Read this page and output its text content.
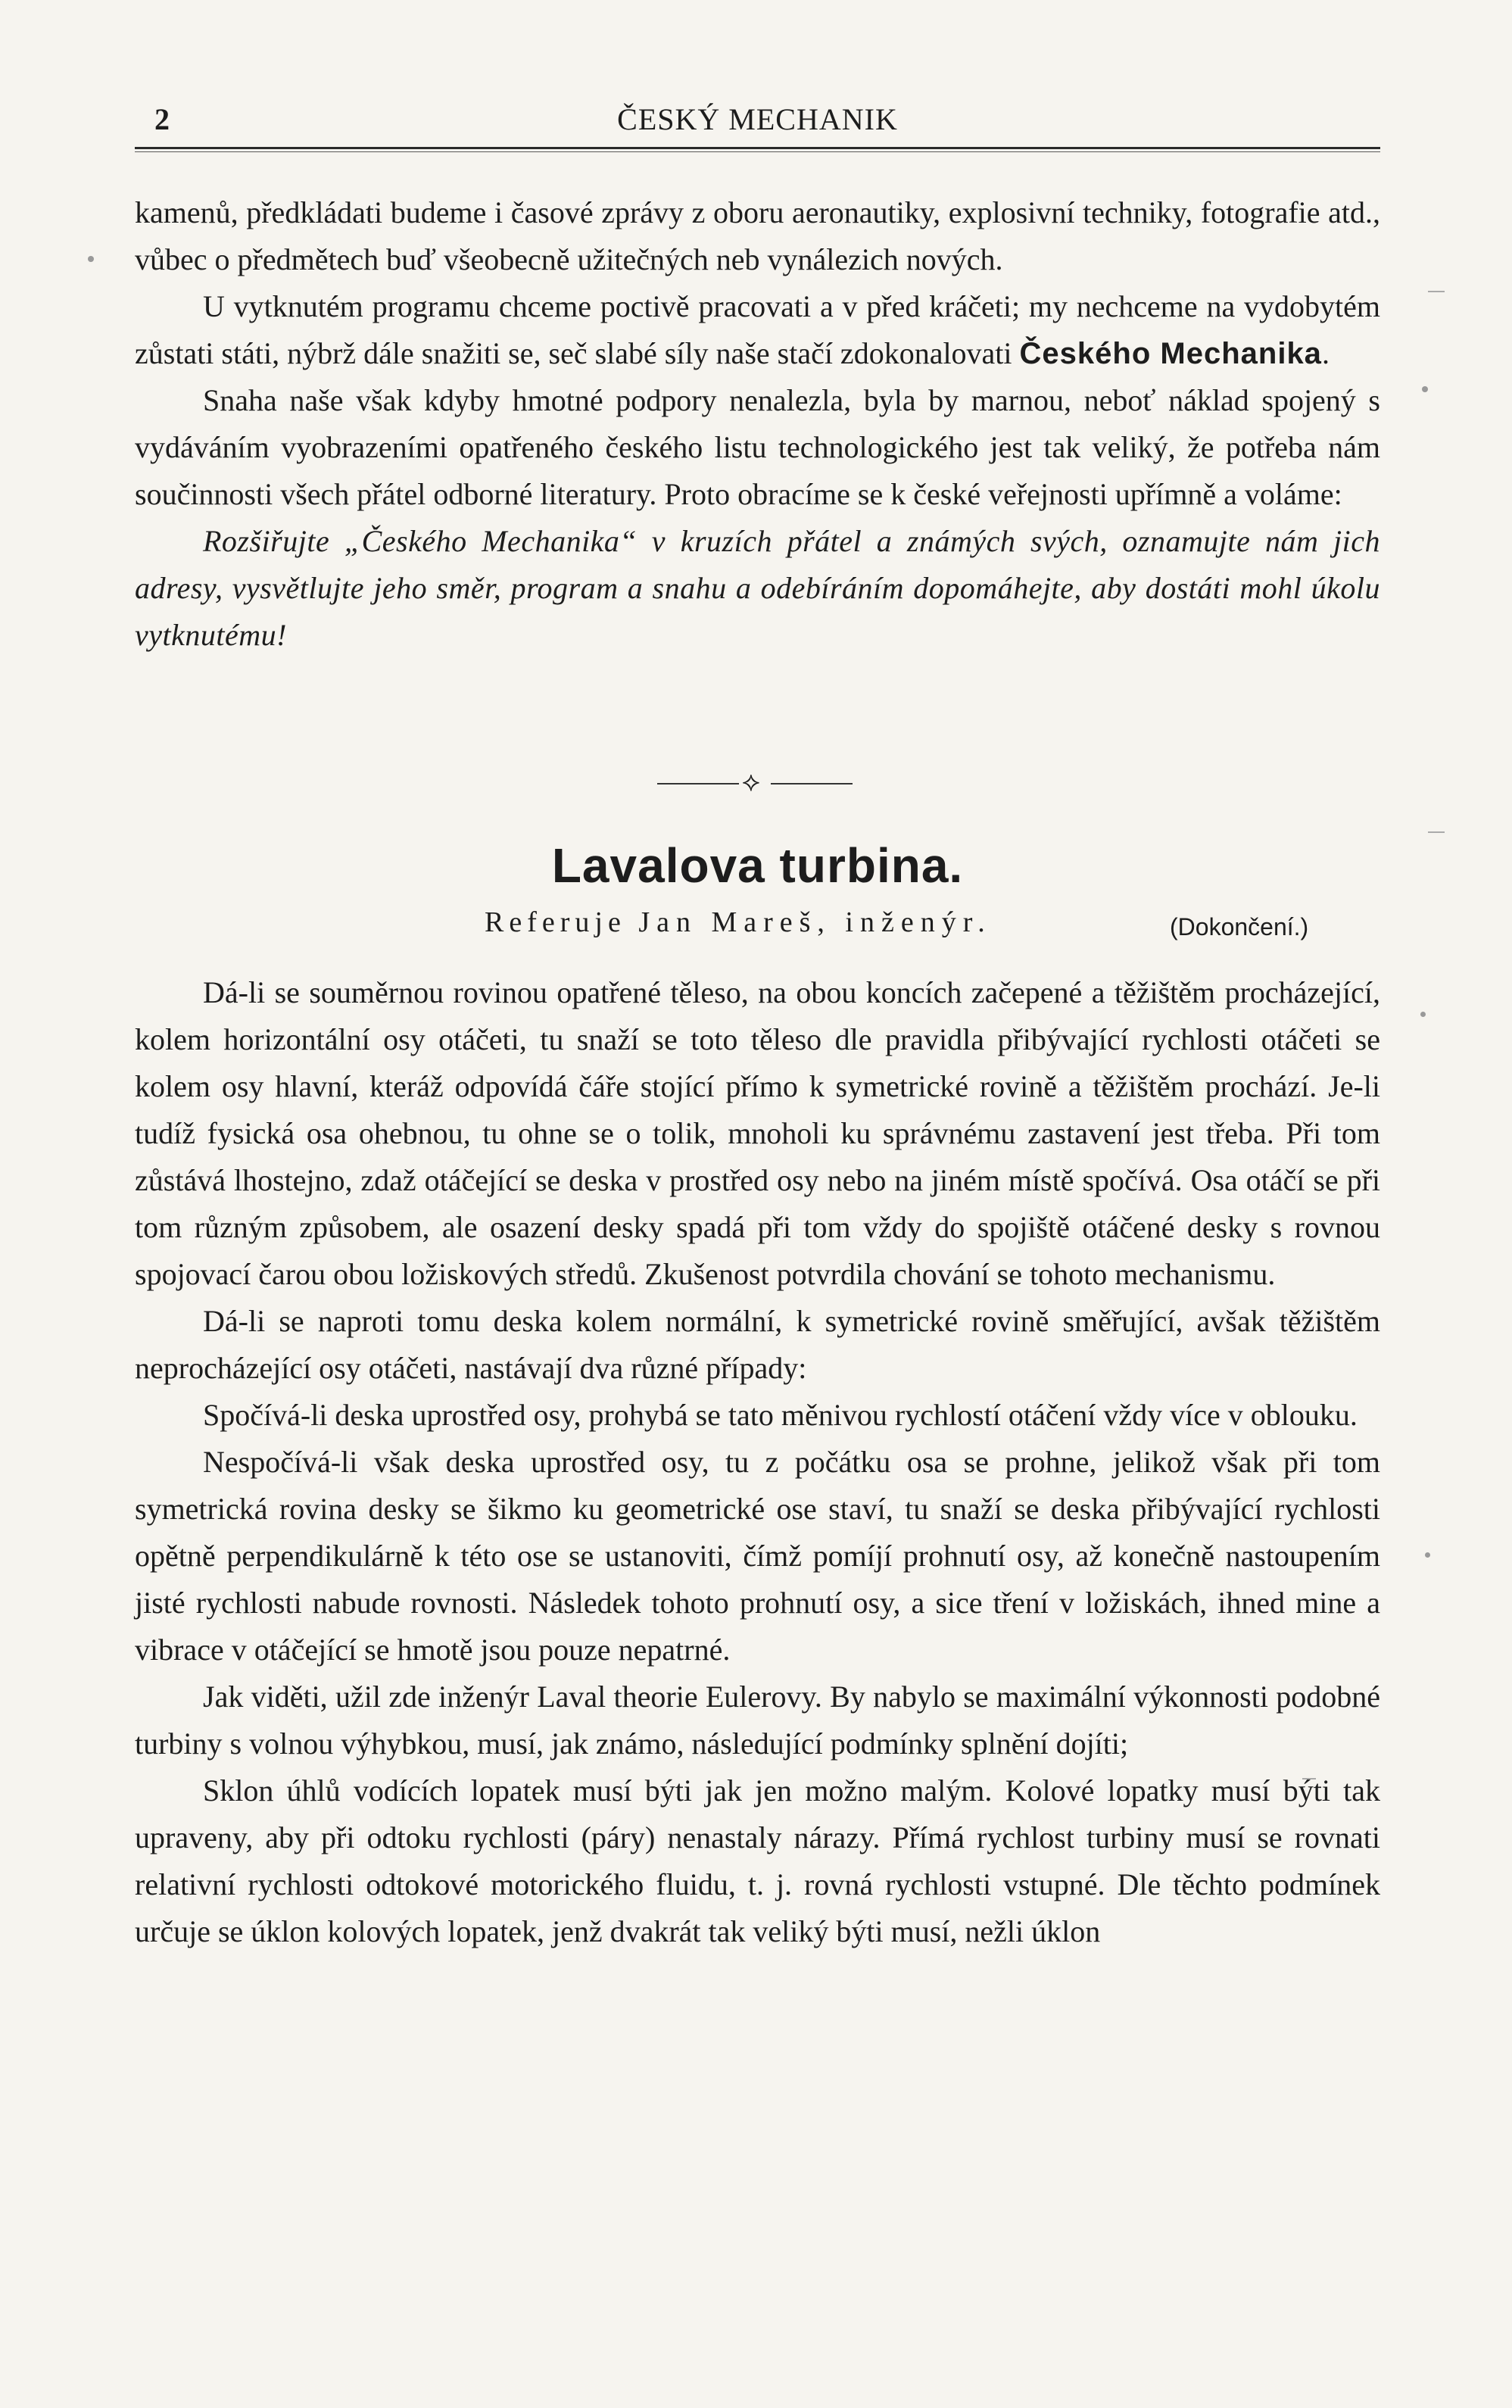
2	ČESKÝ MECHANIK

kamenů, předkládati budeme i časové zprávy z oboru aeronautiky, explosivní techniky, fotografie atd., vůbec o předmětech buď všeobecně užitečných neb vynálezich nových.

U vytknutém programu chceme poctivě pracovati a v před kráčeti; my nechceme na vydobytém zůstati státi, nýbrž dále snažiti se, seč slabé síly naše stačí zdokonalovati Českého Mechanika.

Snaha naše však kdyby hmotné podpory nenalezla, byla by marnou, neboť náklad spojený s vydáváním vyobrazeními opatřeného českého listu technologického jest tak veliký, že potřeba nám součinnosti všech přátel odborné literatury. Proto obracíme se k české veřejnosti upřímně a voláme:

Rozšiřujte „Českého Mechanika“ v kruzích přátel a známých svých, oznamujte nám jich adresy, vysvětlujte jeho směr, program a snahu a odebíráním dopomáhejte, aby dostáti mohl úkolu vytknutému!

⟡
Lavalova turbina.
Referuje Jan Mareš, inženýr.	(Dokončení.)

Dá-li se souměrnou rovinou opatřené těleso, na obou koncích začepené a těžištěm procházející, kolem horizontální osy otáčeti, tu snaží se toto těleso dle pravidla přibývající rychlosti otáčeti se kolem osy hlavní, kteráž odpovídá čáře stojící přímo k symetrické rovině a těžištěm prochází. Je-li tudíž fysická osa ohebnou, tu ohne se o tolik, mnoholi ku správnému zastavení jest třeba. Při tom zůstává lhostejno, zdaž otáčející se deska v prostřed osy nebo na jiném místě spočívá. Osa otáčí se při tom různým způsobem, ale osazení desky spadá při tom vždy do spojiště otáčené desky s rovnou spojovací čarou obou ložiskových středů. Zkušenost potvrdila chování se tohoto mechanismu.

Dá-li se naproti tomu deska kolem normální, k symetrické rovině směřující, avšak těžištěm neprocházející osy otáčeti, nastávají dva různé případy:

Spočívá-li deska uprostřed osy, prohybá se tato měnivou rychlostí otáčení vždy více v oblouku.

Nespočívá-li však deska uprostřed osy, tu z počátku osa se prohne, jelikož však při tom symetrická rovina desky se šikmo ku geometrické ose staví, tu snaží se deska přibývající rychlosti opětně perpendikulárně k této ose se ustanoviti, čímž pomíjí prohnutí osy, až konečně nastoupením jisté rychlosti nabude rovnosti. Následek tohoto prohnutí osy, a sice tření v ložiskách, ihned mine a vibrace v otáčející se hmotě jsou pouze nepatrné.

Jak viděti, užil zde inženýr Laval theorie Eulerovy. By nabylo se maximální výkonnosti podobné turbiny s volnou výhybkou, musí, jak známo, následující podmínky splnění dojíti;

Sklon úhlů vodících lopatek musí býti jak jen možno malým. Kolové lopatky musí býti tak upraveny, aby při odtoku rychlosti (páry) nenastaly nárazy. Přímá rychlost turbiny musí se rovnati relativní rychlosti odtokové motorického fluidu, t. j. rovná rychlosti vstupné. Dle těchto podmínek určuje se úklon kolových lopatek, jenž dvakrát tak veliký býti musí, nežli úklon
